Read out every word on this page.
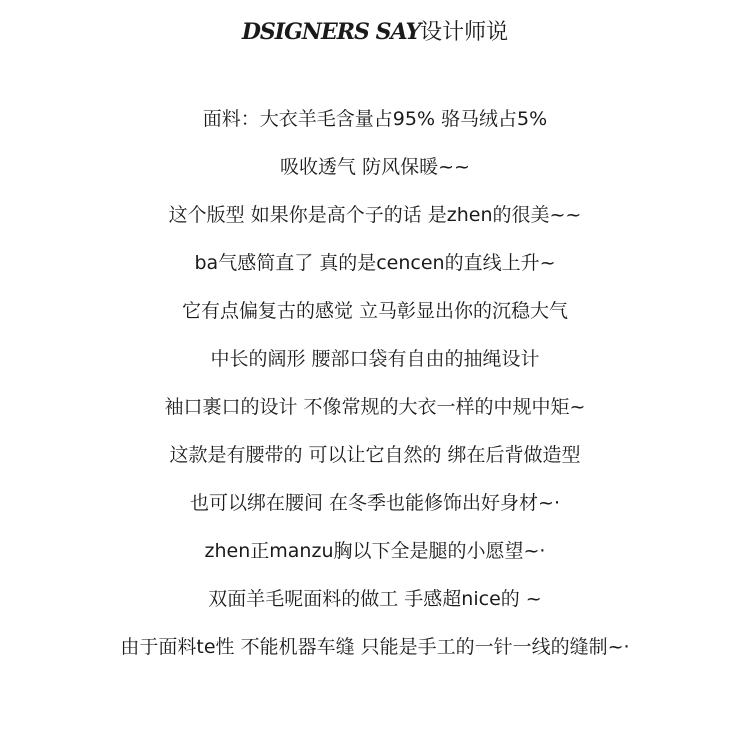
DSIGNERS SAY设计师说
面料：大衣羊毛含量占95% 骆马绒占5%
吸收透气 防风保暖~~
这个版型 如果你是高个子的话 是zhen的很美~~
ba气感简直了 真的是cencen的直线上升~
它有点偏复古的感觉 立马彰显出你的沉稳大气
中长的阔形 腰部口袋有自由的抽绳设计
袖口裹口的设计 不像常规的大衣一样的中规中矩~
这款是有腰带的 可以让它自然的 绑在后背做造型
也可以绑在腰间 在冬季也能修饰出好身材~·
zhen正manzu胸以下全是腿的小愿望~·
双面羊毛呢面料的做工 手感超nice的 ~
由于面料te性 不能机器车缝 只能是手工的一针一线的缝制~·
